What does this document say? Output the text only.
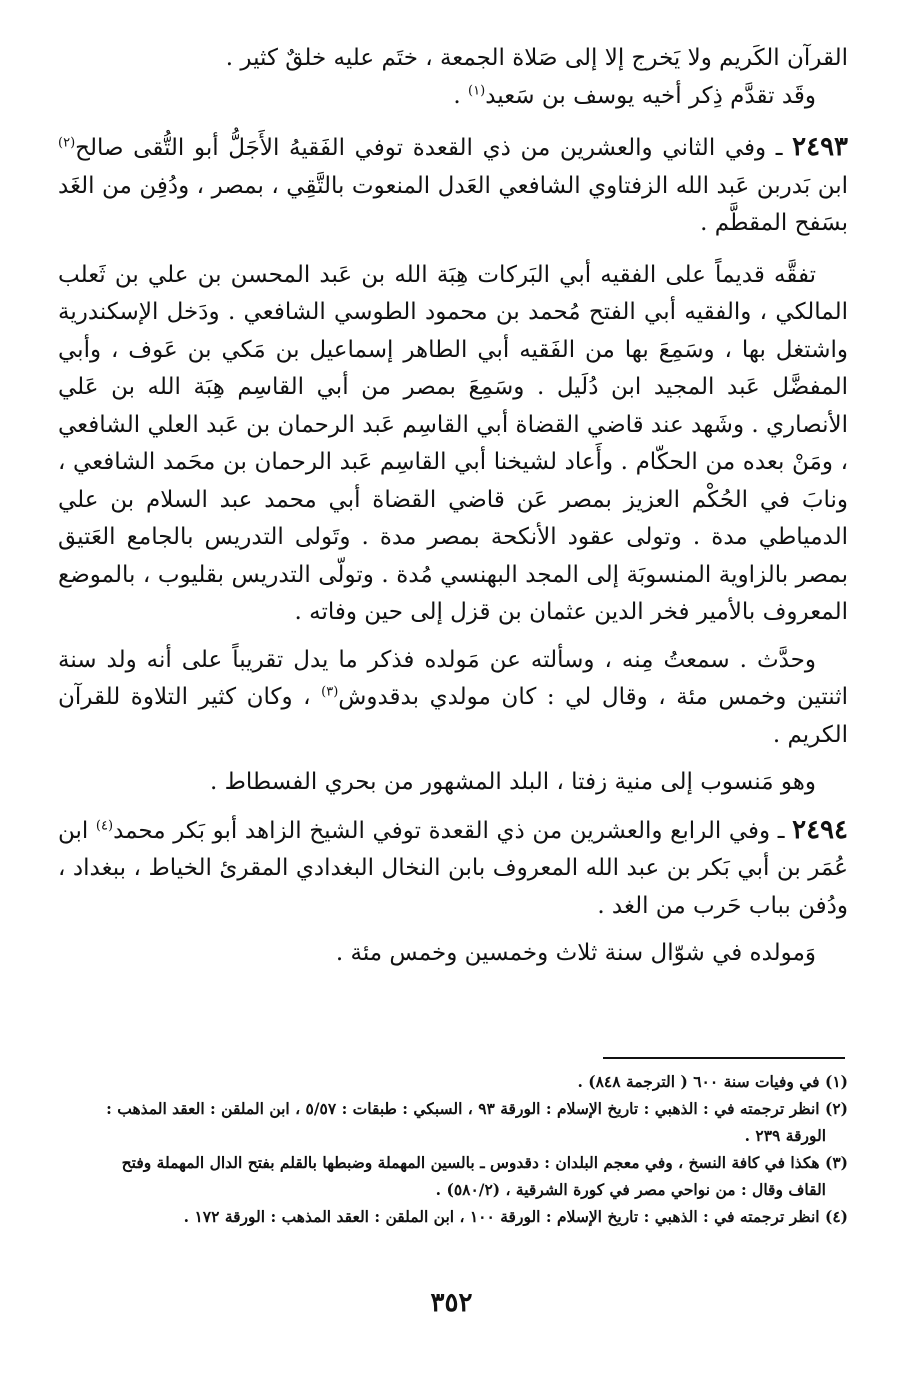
القرآن الكَريم ولا يَخرج إلا إلى صَلاة الجمعة ، ختَم عليه خلقٌ كثير .

وقَد تقدَّم ذِكر أخيه يوسف بن سَعيد$^{(١)}$ .

٢٤٩٣ ـ وفي الثاني والعشرين من ذي القعدة توفي الفَقيهُ الأَجَلُّ أبو التُّقى صالح$^{(٢)}$ ابن بَدربن عَبد الله الزفتاوي الشافعي العَدل المنعوت بالتَّقِي ، بمصر ، ودُفِن من الغَد بسَفح المقطَّم .

تفقَّه قديماً على الفقيه أبي البَركات هِبَة الله بن عَبد المحسن بن علي بن ثَعلب المالكي ، والفقيه أبي الفتح مُحمد بن محمود الطوسي الشافعي . ودَخل الإسكندرية واشتغل بها ، وسَمِعَ بها من الفَقيه أبي الطاهر إسماعيل بن مَكي بن عَوف ، وأبي المفضَّل عَبد المجيد ابن دُلَيل . وسَمِعَ بمصر من أبي القاسِم هِبَة الله بن عَلي الأنصاري . وشَهد عند قاضي القضاة أبي القاسِم عَبد الرحمان بن عَبد العلي الشافعي ، ومَنْ بعده من الحكّام . وأَعاد لشيخنا أبي القاسِم عَبد الرحمان بن محَمد الشافعي ، ونابَ في الحُكْم العزيز بمصر عَن قاضي القضاة أبي محمد عبد السلام بن علي الدمياطي مدة . وتولى عقود الأنكحة بمصر مدة . وتَولى التدريس بالجامع العَتيق بمصر بالزاوية المنسوبَة إلى المجد البهنسي مُدة . وتولّى التدريس بقليوب ، بالموضع المعروف بالأمير فخر الدين عثمان بن قزل إلى حين وفاته .

وحدَّث . سمعتُ مِنه ، وسألته عن مَولده فذكر ما يدل تقريباً على أنه ولد سنة اثنتين وخمس مئة ، وقال لي : كان مولدي بدقدوش$^{(٣)}$ ، وكان كثير التلاوة للقرآن الكريم .

وهو مَنسوب إلى منية زفتا ، البلد المشهور من بحري الفسطاط .

٢٤٩٤ ـ وفي الرابع والعشرين من ذي القعدة توفي الشيخ الزاهد أبو بَكر محمد$^{(٤)}$ ابن عُمَر بن أبي بَكر بن عبد الله المعروف بابن النخال البغدادي المقرئ الخياط ، ببغداد ، ودُفن بباب حَرب من الغد .

وَمولده في شوّال سنة ثلاث وخمسين وخمس مئة .

(١) في وفيات سنة ٦٠٠ ( الترجمة ٨٤٨) .

(٢) انظر ترجمته في : الذهبي : تاريخ الإسلام : الورقة ٩٣ ، السبكي : طبقات : ٥/٥٧ ، ابن الملقن : العقد المذهب :
الورقة ٢٣٩ .

(٣) هكذا في كافة النسخ ، وفي معجم البلدان : دقدوس ـ بالسين المهملة وضبطها بالقلم بفتح الدال المهملة وفتح
القاف وقال : من نواحي مصر في كورة الشرقية ، (٥٨٠/٢) .

(٤) انظر ترجمته في : الذهبي : تاريخ الإسلام : الورقة ١٠٠ ، ابن الملقن : العقد المذهب : الورقة ١٧٢ .

٣٥٢
